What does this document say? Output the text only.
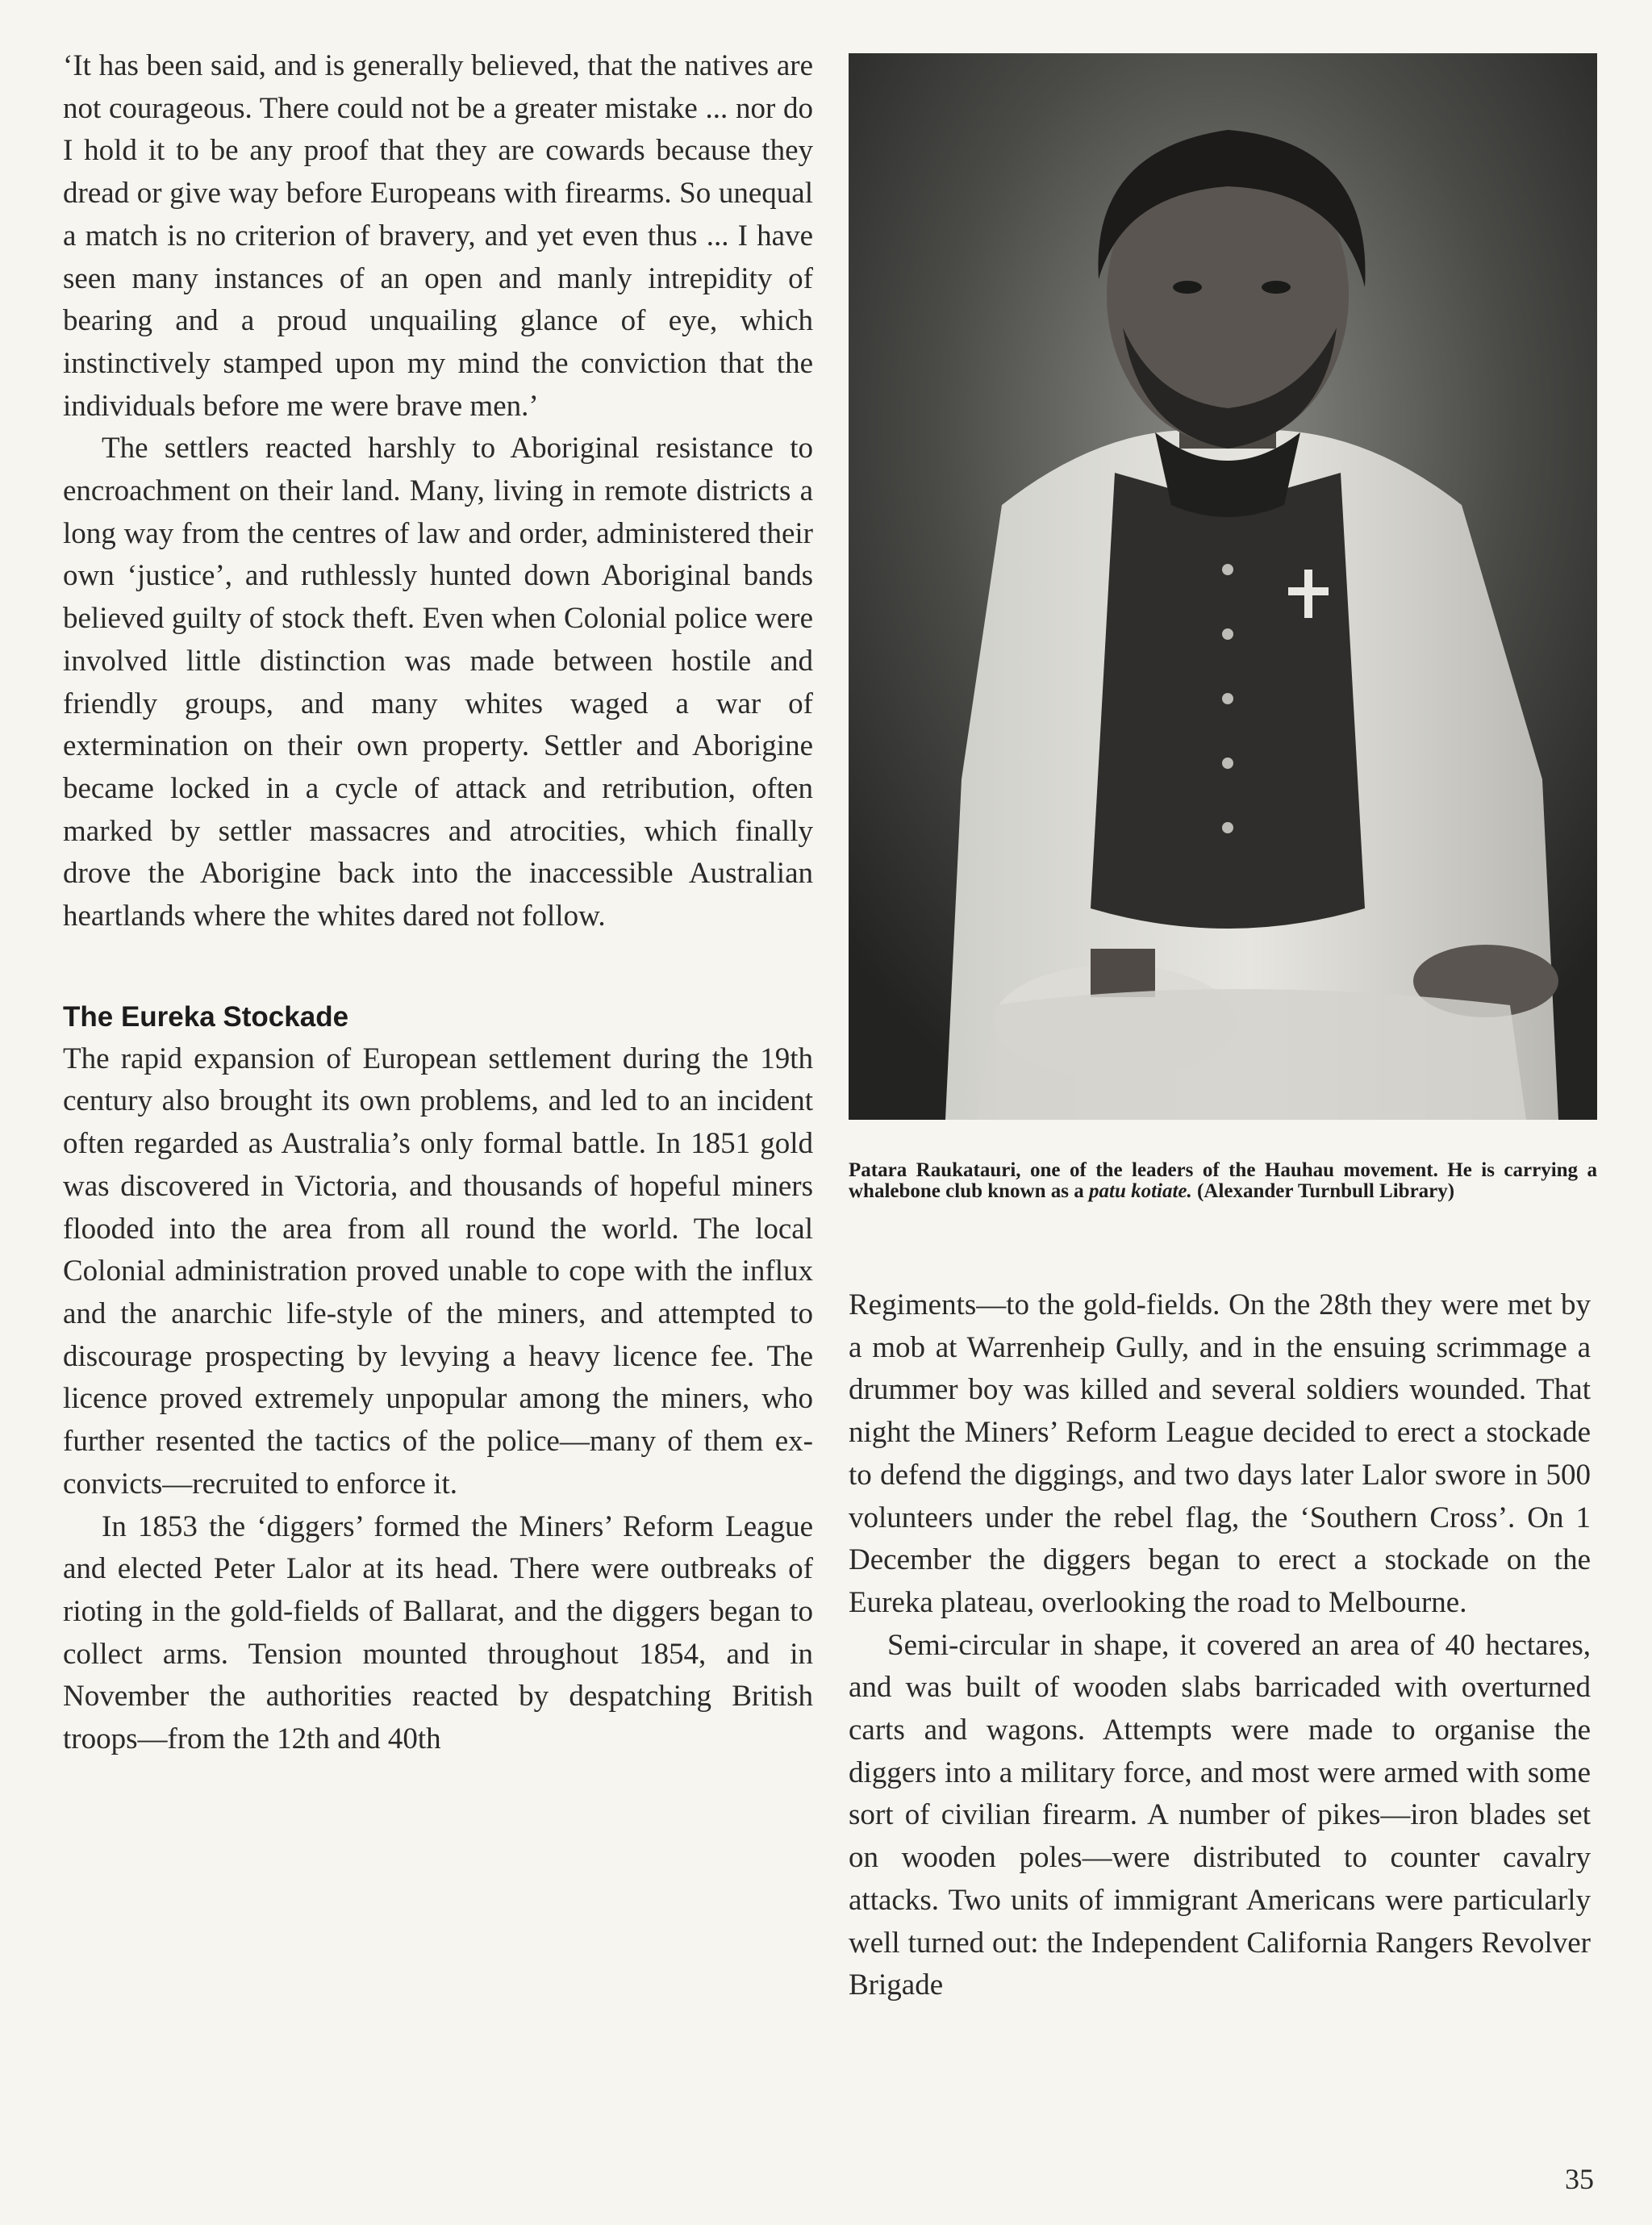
‘It has been said, and is generally believed, that the natives are not courageous. There could not be a greater mistake ... nor do I hold it to be any proof that they are cowards because they dread or give way before Europeans with firearms. So unequal a match is no criterion of bravery, and yet even thus ... I have seen many instances of an open and manly intrepidity of bearing and a proud unquailing glance of eye, which instinctively stamped upon my mind the conviction that the individuals before me were brave men.’

The settlers reacted harshly to Aboriginal resistance to encroachment on their land. Many, living in remote districts a long way from the centres of law and order, administered their own ‘justice’, and ruthlessly hunted down Aboriginal bands believed guilty of stock theft. Even when Colonial police were involved little distinction was made between hostile and friendly groups, and many whites waged a war of extermination on their own property. Settler and Aborigine became locked in a cycle of attack and retribution, often marked by settler massacres and atrocities, which finally drove the Aborigine back into the inaccessible Australian heartlands where the whites dared not follow.

The Eureka Stockade

The rapid expansion of European settlement during the 19th century also brought its own problems, and led to an incident often regarded as Australia’s only formal battle. In 1851 gold was discovered in Victoria, and thousands of hopeful miners flooded into the area from all round the world. The local Colonial administration proved unable to cope with the influx and the anarchic life-style of the miners, and attempted to discourage prospecting by levying a heavy licence fee. The licence proved extremely unpopular among the miners, who further resented the tactics of the police—many of them ex-convicts—recruited to enforce it.

In 1853 the ‘diggers’ formed the Miners’ Reform League and elected Peter Lalor at its head. There were outbreaks of rioting in the gold-fields of Ballarat, and the diggers began to collect arms. Tension mounted throughout 1854, and in November the authorities reacted by despatching British troops—from the 12th and 40th

Patara Raukatauri, one of the leaders of the Hauhau movement. He is carrying a whalebone club known as a patu kotiate. (Alexander Turnbull Library)

Regiments—to the gold-fields. On the 28th they were met by a mob at Warrenheip Gully, and in the ensuing scrimmage a drummer boy was killed and several soldiers wounded. That night the Miners’ Reform League decided to erect a stockade to defend the diggings, and two days later Lalor swore in 500 volunteers under the rebel flag, the ‘Southern Cross’. On 1 December the diggers began to erect a stockade on the Eureka plateau, overlooking the road to Melbourne.

Semi-circular in shape, it covered an area of 40 hectares, and was built of wooden slabs barricaded with overturned carts and wagons. Attempts were made to organise the diggers into a military force, and most were armed with some sort of civilian firearm. A number of pikes—iron blades set on wooden poles—were distributed to counter cavalry attacks. Two units of immigrant Americans were particularly well turned out: the Independent California Rangers Revolver Brigade

35
